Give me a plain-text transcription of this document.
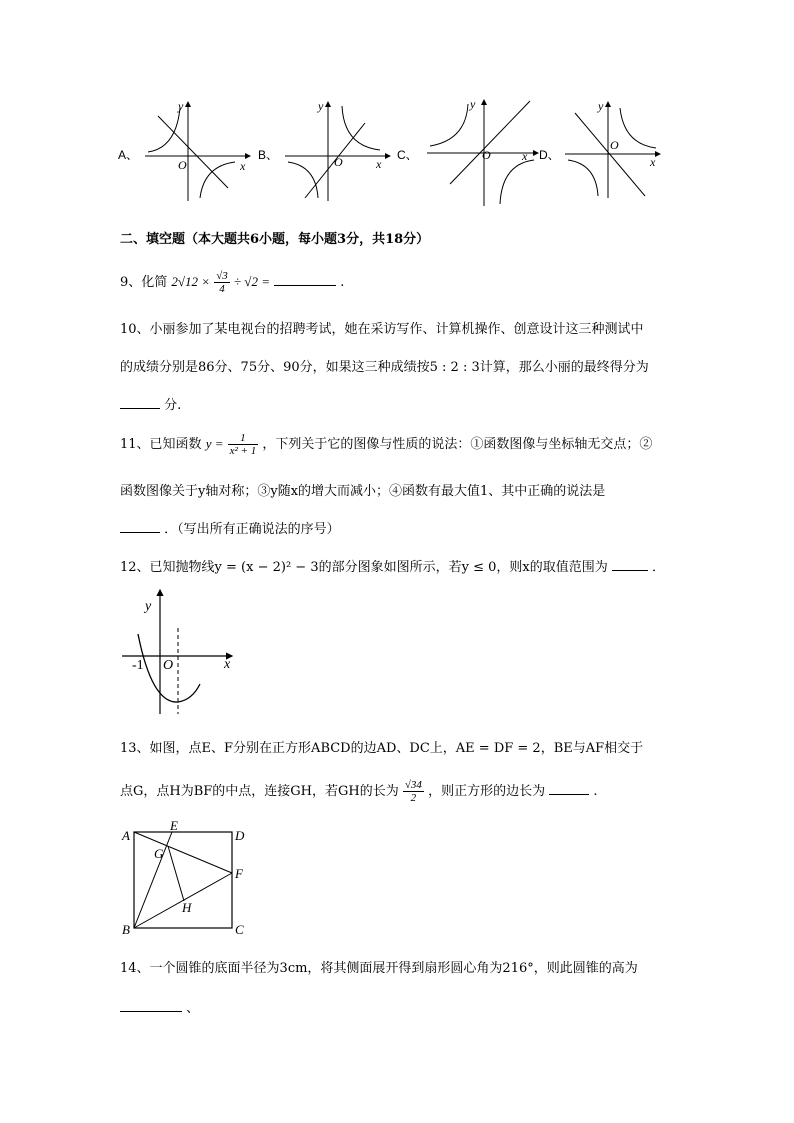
A、
y
x
O
B、
y
x
O	C、
y
x
O	D、
y
x
O
二、填空题（本大题共6小题，每小题3分，共18分）
9、化简 $2√12 \times \frac{√3}{4} \div √2$ =	.
10、小丽参加了某电视台的招聘考试，她在采访写作、计算机操作、创意设计这三种测试中
的成绩分别是86分、75分、90分，如果这三种成绩按5 : 2 : 3计算，那么小丽的最终得分为
分.
11、已知函数 $y = \frac{1}{\text{x² + 1}}$ ，下列关于它的图像与性质的说法：①函数图像与坐标轴无交点；②
函数图像关于y轴对称；③y随x的增大而减小；④函数有最大值1、其中正确的说法是
．（写出所有正确说法的序号）
12、已知抛物线y = (x − 2)² − 3的部分图象如图所示，若y ≤ 0，则x的取值范围为	．
-1 O	x
y
13、如图，点E、F分别在正方形ABCD的边AD、DC上，AE = DF = 2，BE与AF相交于
点G，点H为BF的中点，连接GH，若GH的长为 $\frac{√34}{2}$ ，则正方形的边长为	.
A
B	C
D
E
F
G
H
14、一个圆锥的底面半径为3cm，将其侧面展开得到扇形圆心角为216°，则此圆锥的高为
、
